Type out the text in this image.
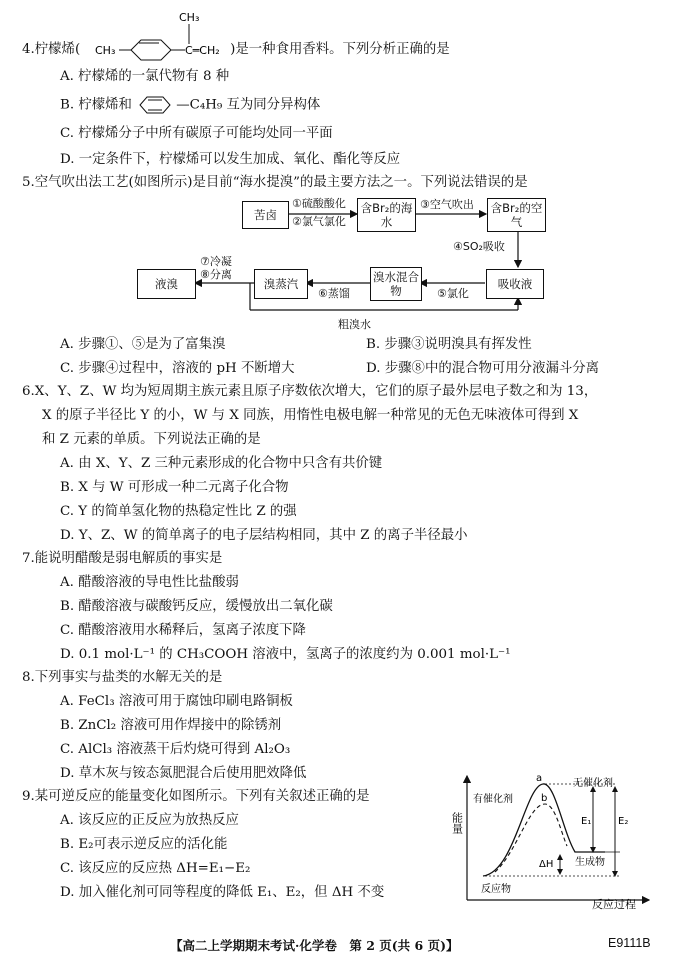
4.柠檬烯(	)是一种食用香料。下列分析正确的是
CH₃	C═CH₂
CH₃
A. 柠檬烯的一氯代物有 8 种
B. 柠檬烯和	—C₄H₉ 互为同分异构体
C. 柠檬烯分子中所有碳原子可能均处同一平面
D. 一定条件下，柠檬烯可以发生加成、氧化、酯化等反应
5.空气吹出法工艺(如图所示)是目前“海水提溴”的最主要方法之一。下列说法错误的是
苦卤	含Br₂的海水
含Br₂的空气
吸收液
溴水混合物
溴蒸汽
液溴
①硫酸酸化
②氯气氯化
③空气吹出
④SO₂吸收
⑤氯化
⑥蒸馏
⑦冷凝
⑧分离
粗溴水
A. 步骤①、⑤是为了富集溴	B. 步骤③说明溴具有挥发性
C. 步骤④过程中，溶液的 pH 不断增大	D. 步骤⑧中的混合物可用分液漏斗分离
6.X、Y、Z、W 均为短周期主族元素且原子序数依次增大，它们的原子最外层电子数之和为 13，
X 的原子半径比 Y 的小，W 与 X 同族，用惰性电极电解一种常见的无色无味液体可得到 X
和 Z 元素的单质。下列说法正确的是
A. 由 X、Y、Z 三种元素形成的化合物中只含有共价键
B. X 与 W 可形成一种二元离子化合物
C. Y 的简单氢化物的热稳定性比 Z 的强
D. Y、Z、W 的简单离子的电子层结构相同，其中 Z 的离子半径最小
7.能说明醋酸是弱电解质的事实是
A. 醋酸溶液的导电性比盐酸弱
B. 醋酸溶液与碳酸钙反应，缓慢放出二氧化碳
C. 醋酸溶液用水稀释后，氢离子浓度下降
D. 0.1 mol·L⁻¹ 的 CH₃COOH 溶液中，氢离子的浓度约为 0.001 mol·L⁻¹
8.下列事实与盐类的水解无关的是
A. FeCl₃ 溶液可用于腐蚀印刷电路铜板
B. ZnCl₂ 溶液可用作焊接中的除锈剂
C. AlCl₃ 溶液蒸干后灼烧可得到 Al₂O₃
D. 草木灰与铵态氮肥混合后使用肥效降低
9.某可逆反应的能量变化如图所示。下列有关叙述正确的是
A. 该反应的正反应为放热反应
B. E₂可表示逆反应的活化能
C. 该反应的反应热 ΔH=E₁−E₂
D. 加入催化剂可同等程度的降低 E₁、E₂，但 ΔH 不变
能量
反应过程
无催化剂
有催化剂
a
b
E₁	E₂
ΔH 生成物
反应物
【高二上学期期末考试·化学卷　第 2 页(共 6 页)】	E9111B
